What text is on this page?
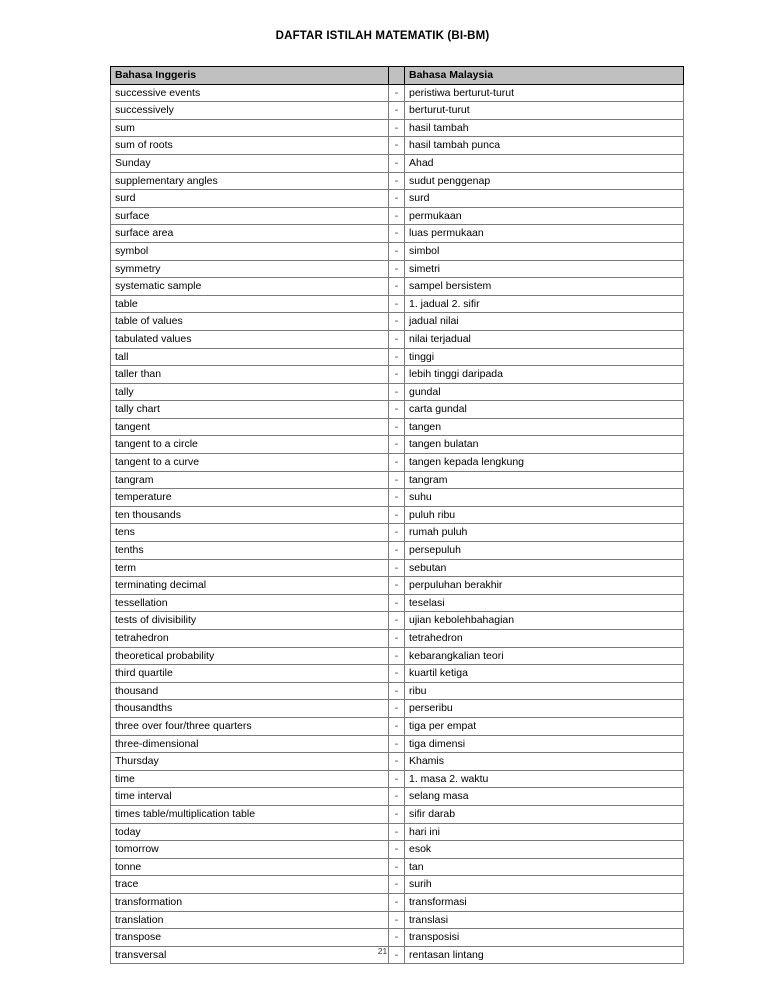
DAFTAR ISTILAH MATEMATIK (BI-BM)
Bahasa Inggeris		Bahasa Malaysia
successive events	-	peristiwa berturut-turut
successively	-	berturut-turut
sum	-	hasil tambah
sum of roots	-	hasil tambah punca
Sunday	-	Ahad
supplementary angles	-	sudut penggenap
surd	-	surd
surface	-	permukaan
surface area	-	luas permukaan
symbol	-	simbol
symmetry	-	simetri
systematic sample	-	sampel bersistem
table	-	1. jadual 2. sifir
table of values	-	jadual nilai
tabulated values	-	nilai terjadual
tall	-	tinggi
taller than	-	lebih tinggi daripada
tally	-	gundal
tally chart	-	carta gundal
tangent	-	tangen
tangent to a circle	-	tangen bulatan
tangent to a curve	-	tangen kepada lengkung
tangram	-	tangram
temperature	-	suhu
ten thousands	-	puluh ribu
tens	-	rumah puluh
tenths	-	persepuluh
term	-	sebutan
terminating decimal	-	perpuluhan berakhir
tessellation	-	teselasi
tests of divisibility	-	ujian kebolehbahagian
tetrahedron	-	tetrahedron
theoretical probability	-	kebarangkalian teori
third quartile	-	kuartil ketiga
thousand	-	ribu
thousandths	-	perseribu
three over four/three quarters	-	tiga per empat
three-dimensional	-	tiga dimensi
Thursday	-	Khamis
time	-	1. masa 2. waktu
time interval	-	selang masa
times table/multiplication table	-	sifir darab
today	-	hari ini
tomorrow	-	esok
tonne	-	tan
trace	-	surih
transformation	-	transformasi
translation	-	translasi
transpose	-	transposisi
transversal	-	rentasan lintang
21
